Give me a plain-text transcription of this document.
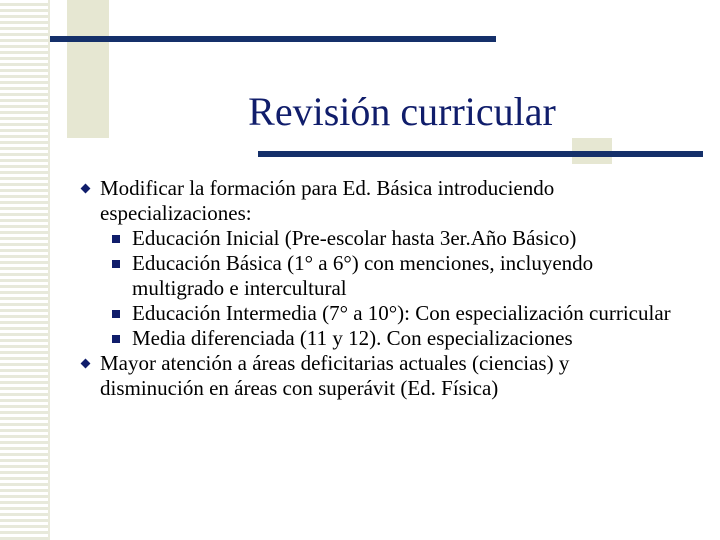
Revisión curricular
Modificar la formación para Ed. Básica introduciendo especializaciones:
Educación Inicial (Pre-escolar hasta 3er.Año Básico)
Educación Básica (1° a 6°) con menciones, incluyendo multigrado e intercultural
Educación Intermedia (7° a 10°): Con especialización curricular
Media diferenciada (11 y 12). Con especializaciones
Mayor atención a áreas deficitarias actuales (ciencias) y disminución en áreas con superávit (Ed. Física)
